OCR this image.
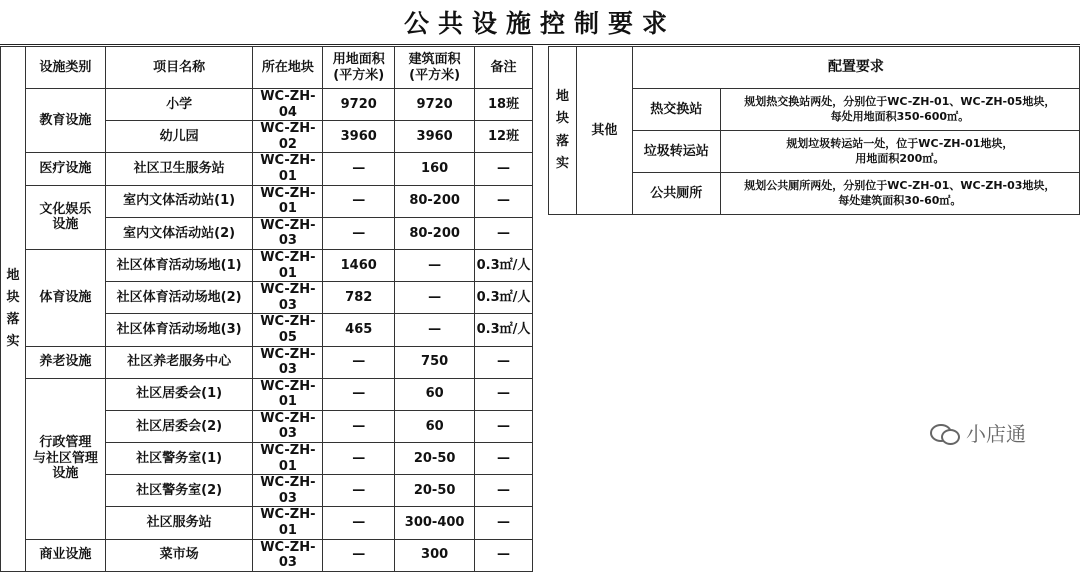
公共设施控制要求
地
块
落
实	设施类别	项目名称	所在地块	用地面积
(平方米)	建筑面积
(平方米)	备注
	教育设施	小学	WC-ZH-04	9720	9720	18班
		幼儿园	WC-ZH-02	3960	3960	12班
	医疗设施	社区卫生服务站	WC-ZH-01	—	160	—
	文化娱乐
设施	室内文体活动站(1)	WC-ZH-01	—	80-200	—
		室内文体活动站(2)	WC-ZH-03	—	80-200	—
	体育设施	社区体育活动场地(1)	WC-ZH-01	1460	—	0.3㎡/人
		社区体育活动场地(2)	WC-ZH-03	782	—	0.3㎡/人
		社区体育活动场地(3)	WC-ZH-05	465	—	0.3㎡/人
	养老设施	社区养老服务中心	WC-ZH-03	—	750	—
	行政管理
与社区管理
设施	社区居委会(1)	WC-ZH-01	—	60	—
		社区居委会(2)	WC-ZH-03	—	60	—
		社区警务室(1)	WC-ZH-01	—	20-50	—
		社区警务室(2)	WC-ZH-03	—	20-50	—
		社区服务站	WC-ZH-01	—	300-400	—
	商业设施	菜市场	WC-ZH-03	—	300	—
地
块
落
实	其他	配置要求	
		热交换站	规划热交换站两处，分别位于WC-ZH-01、WC-ZH-05地块，
每处用地面积350-600㎡。
		垃圾转运站	规划垃圾转运站一处，位于WC-ZH-01地块，
用地面积200㎡。
		公共厕所	规划公共厕所两处，分别位于WC-ZH-01、WC-ZH-03地块，
每处建筑面积30-60㎡。
小店通
